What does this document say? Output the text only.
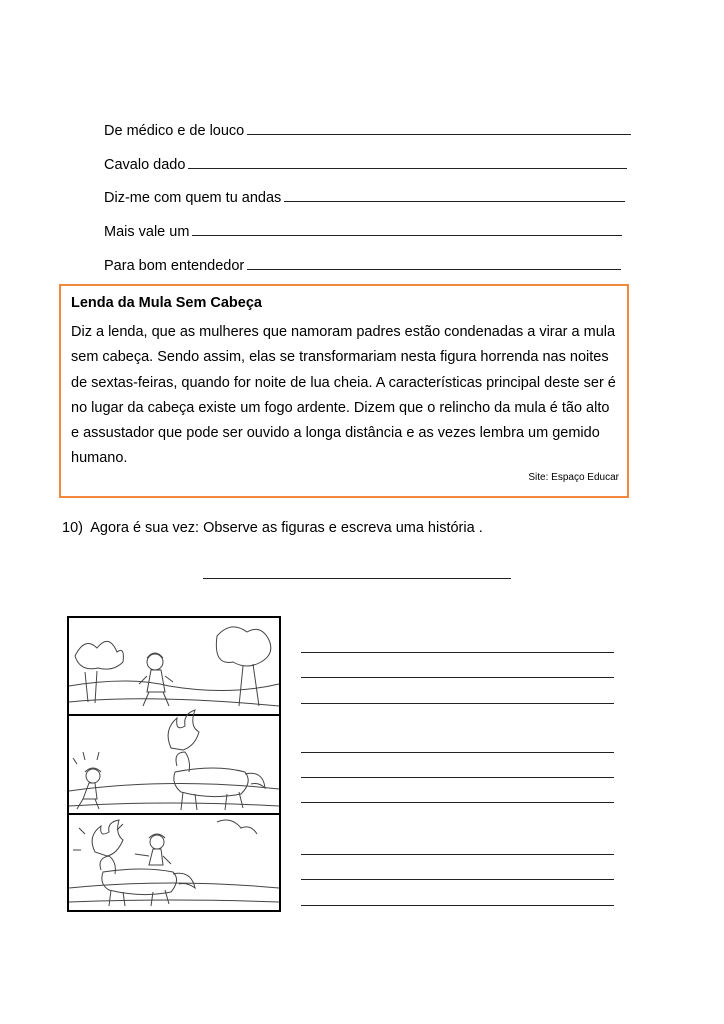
De médico e de louco
Cavalo dado
Diz-me com quem tu andas
Mais vale um
Para bom entendedor
Lenda da Mula Sem Cabeça
Diz a lenda, que as mulheres que namoram padres estão condenadas a virar a mula
sem cabeça. Sendo assim, elas se transformariam nesta figura horrenda nas noites
de sextas-feiras, quando for noite de lua cheia. A características principal deste ser é
no lugar da cabeça existe um fogo ardente. Dizem que o relincho da mula é tão alto
e assustador que pode ser ouvido a longa distância e as vezes lembra um gemido
humano.
Site: Espaço Educar
10) Agora é sua vez: Observe as figuras e escreva uma história .
